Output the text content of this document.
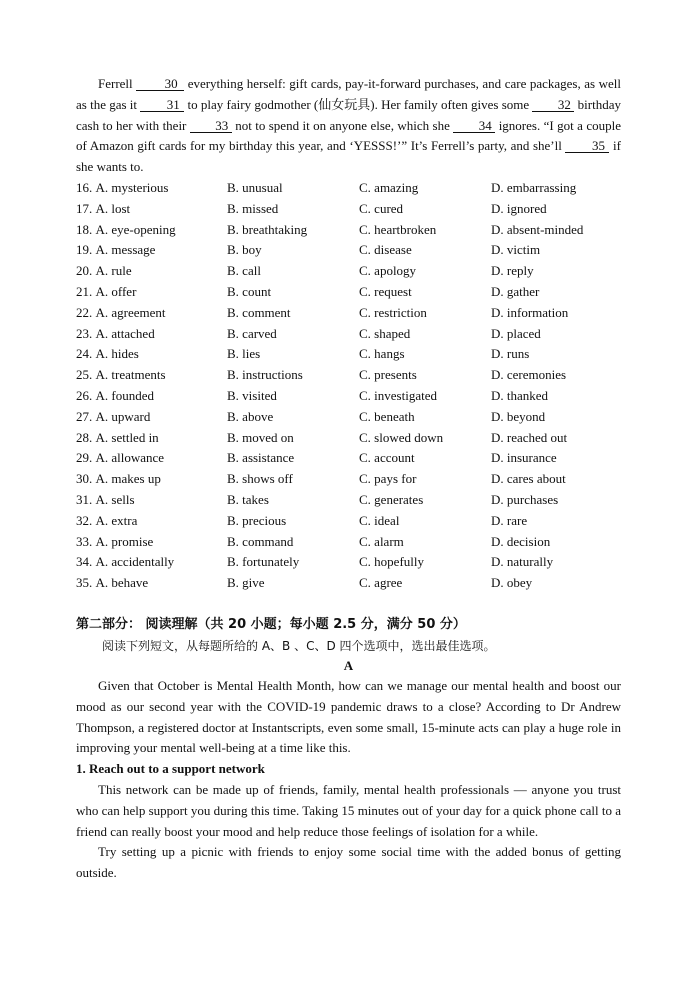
Ferrell 30 everything herself: gift cards, pay-it-forward purchases, and care packages, as well as the gas it 31 to play fairy godmother (仙女玩具). Her family often gives some 32 birthday cash to her with their 33 not to spend it on anyone else, which she 34 ignores. “I got a couple of Amazon gift cards for my birthday this year, and ‘YESSS!’” It’s Ferrell’s party, and she’ll 35 if she wants to.

16. A. mysterious	B. unusual	C. amazing	D. embarrassing
17. A. lost	B. missed	C. cured	D. ignored
18. A. eye-opening	B. breathtaking	C. heartbroken	D. absent-minded
19. A. message	B. boy	C. disease	D. victim
20. A. rule	B. call	C. apology	D. reply
21. A. offer	B. count	C. request	D. gather
22. A. agreement	B. comment	C. restriction	D. information
23. A. attached	B. carved	C. shaped	D. placed
24. A. hides	B. lies	C. hangs	D. runs
25. A. treatments	B. instructions	C. presents	D. ceremonies
26. A. founded	B. visited	C. investigated	D. thanked
27. A. upward	B. above	C. beneath	D. beyond
28. A. settled in	B. moved on	C. slowed down	D. reached out
29. A. allowance	B. assistance	C. account	D. insurance
30. A. makes up	B. shows off	C. pays for	D. cares about
31. A. sells	B. takes	C. generates	D. purchases
32. A. extra	B. precious	C. ideal	D. rare
33. A. promise	B. command	C. alarm	D. decision
34. A. accidentally	B. fortunately	C. hopefully	D. naturally
35. A. behave	B. give	C. agree	D. obey
第二部分： 阅读理解（共 20 小题；每小题 2.5 分，满分 50 分）
阅读下列短文，从每题所给的 A、B 、C、D 四个选项中，选出最佳选项。
A

Given that October is Mental Health Month, how can we manage our mental health and boost our mood as our second year with the COVID-19 pandemic draws to a close? According to Dr Andrew Thompson, a registered doctor at Instantscripts, even some small, 15-minute acts can play a huge role in improving your mental well-being at a time like this.

1. Reach out to a support network

This network can be made up of friends, family, mental health professionals — anyone you trust who can help support you during this time. Taking 15 minutes out of your day for a quick phone call to a friend can really boost your mood and help reduce those feelings of isolation for a while.

Try setting up a picnic with friends to enjoy some social time with the added bonus of getting outside.
